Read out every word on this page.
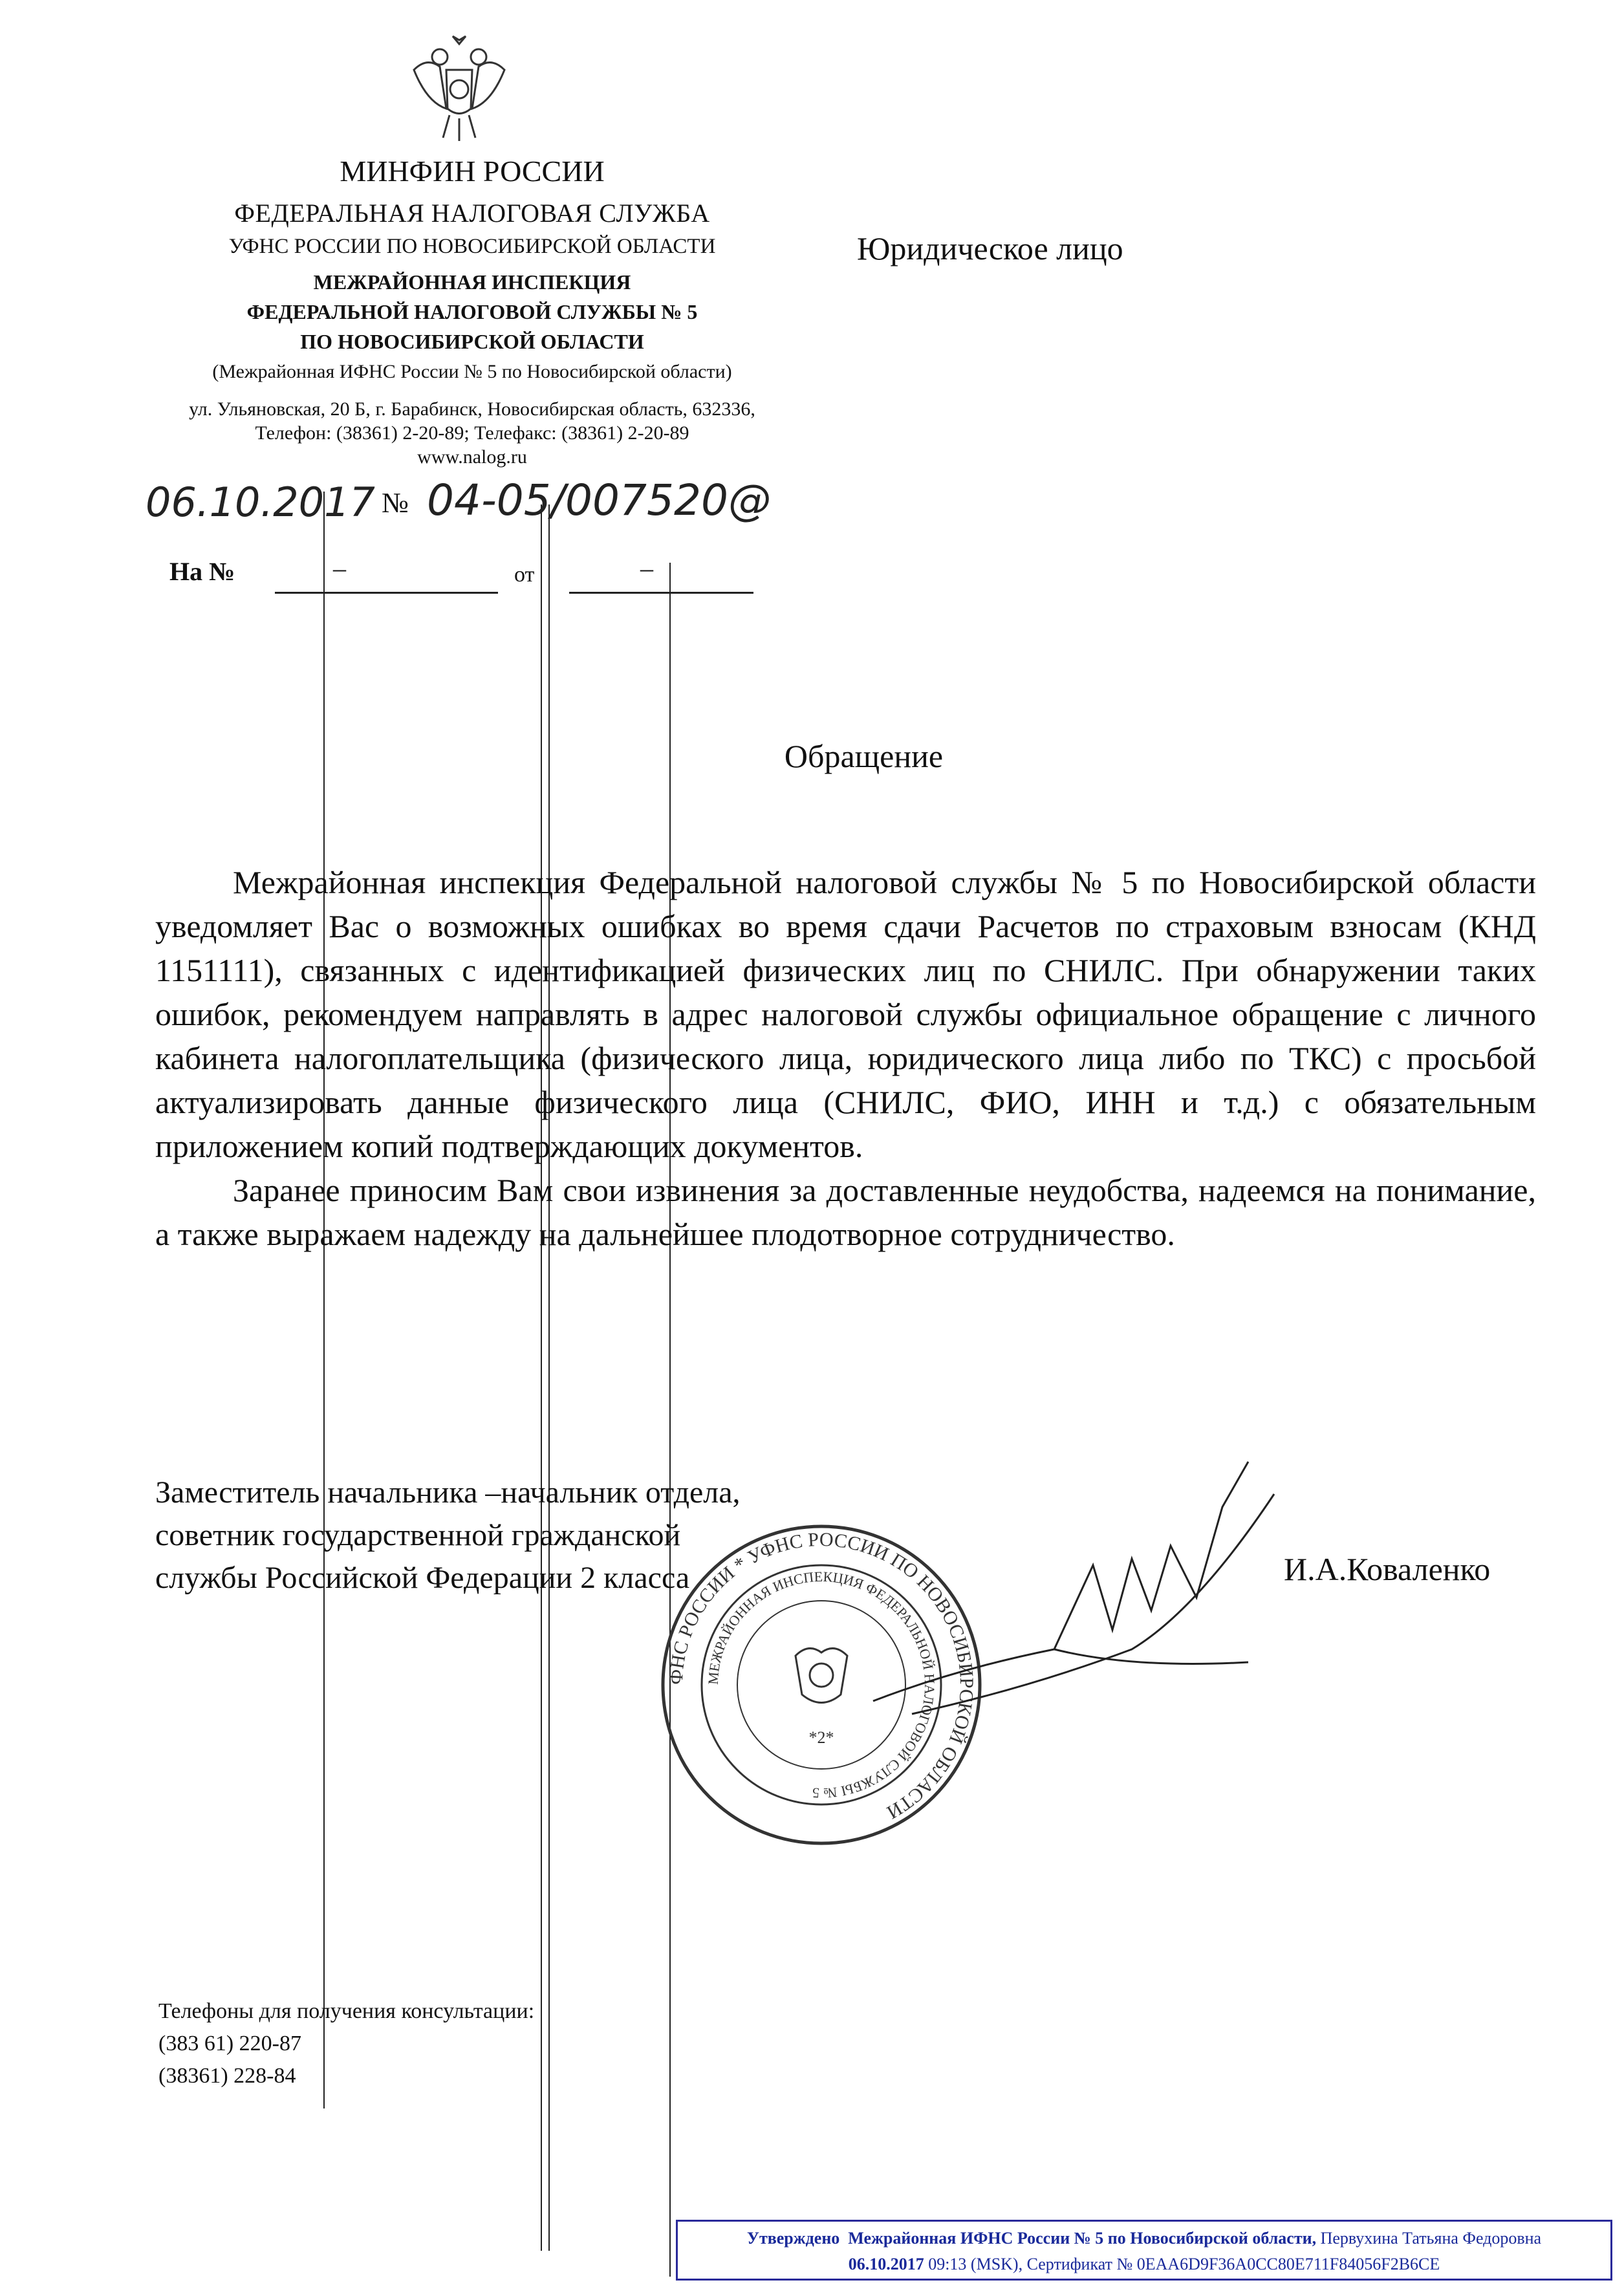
МИНФИН РОССИИ
ФЕДЕРАЛЬНАЯ НАЛОГОВАЯ СЛУЖБА
УФНС РОССИИ ПО НОВОСИБИРСКОЙ ОБЛАСТИ
МЕЖРАЙОННАЯ ИНСПЕКЦИЯ
ФЕДЕРАЛЬНОЙ НАЛОГОВОЙ СЛУЖБЫ № 5
ПО НОВОСИБИРСКОЙ ОБЛАСТИ
(Межрайонная ИФНС России № 5 по Новосибирской области)
ул. Ульяновская, 20 Б, г. Барабинск, Новосибирская область, 632336,
Телефон: (38361) 2-20-89; Телефакс: (38361) 2-20-89
www.nalog.ru
Юридическое лицо
06.10.2017 № 04-05/007520@
На №	–	от	–
Обращение

Межрайонная инспекция Федеральной налоговой службы № 5 по Новосибирской области уведомляет Вас о возможных ошибках во время сдачи Расчетов по страховым взносам (КНД 1151111), связанных с идентификацией физических лиц по СНИЛС. При обнаружении таких ошибок, рекомендуем направлять в адрес налоговой службы официальное обращение с личного кабинета налогоплательщика (физического лица, юридического лица либо по ТКС) с просьбой актуализировать данные физического лица (СНИЛС, ФИО, ИНН и т.д.) с обязательным приложением копий подтверждающих документов.

Заранее приносим Вам свои извинения за доставленные неудобства, надеемся на понимание, а также выражаем надежду на дальнейшее плодотворное сотрудничество.

Заместитель начальника –начальник отдела,
советник государственной гражданской
службы Российской Федерации 2 класса	И.А.Коваленко
ФНС РОССИИ * УФНС РОССИИ ПО НОВОСИБИРСКОЙ ОБЛАСТИ
МЕЖРАЙОННАЯ ИНСПЕКЦИЯ ФЕДЕРАЛЬНОЙ НАЛОГОВОЙ СЛУЖБЫ № 5
*2*
Телефоны для получения консультации:
(383 61) 220-87
(38361) 228-84
Утверждено Межрайонная ИФНС России № 5 по Новосибирской области, Первухина Татьяна Федоровна
06.10.2017 09:13 (MSK), Сертификат № 0EAA6D9F36A0CC80E711F84056F2B6CE
